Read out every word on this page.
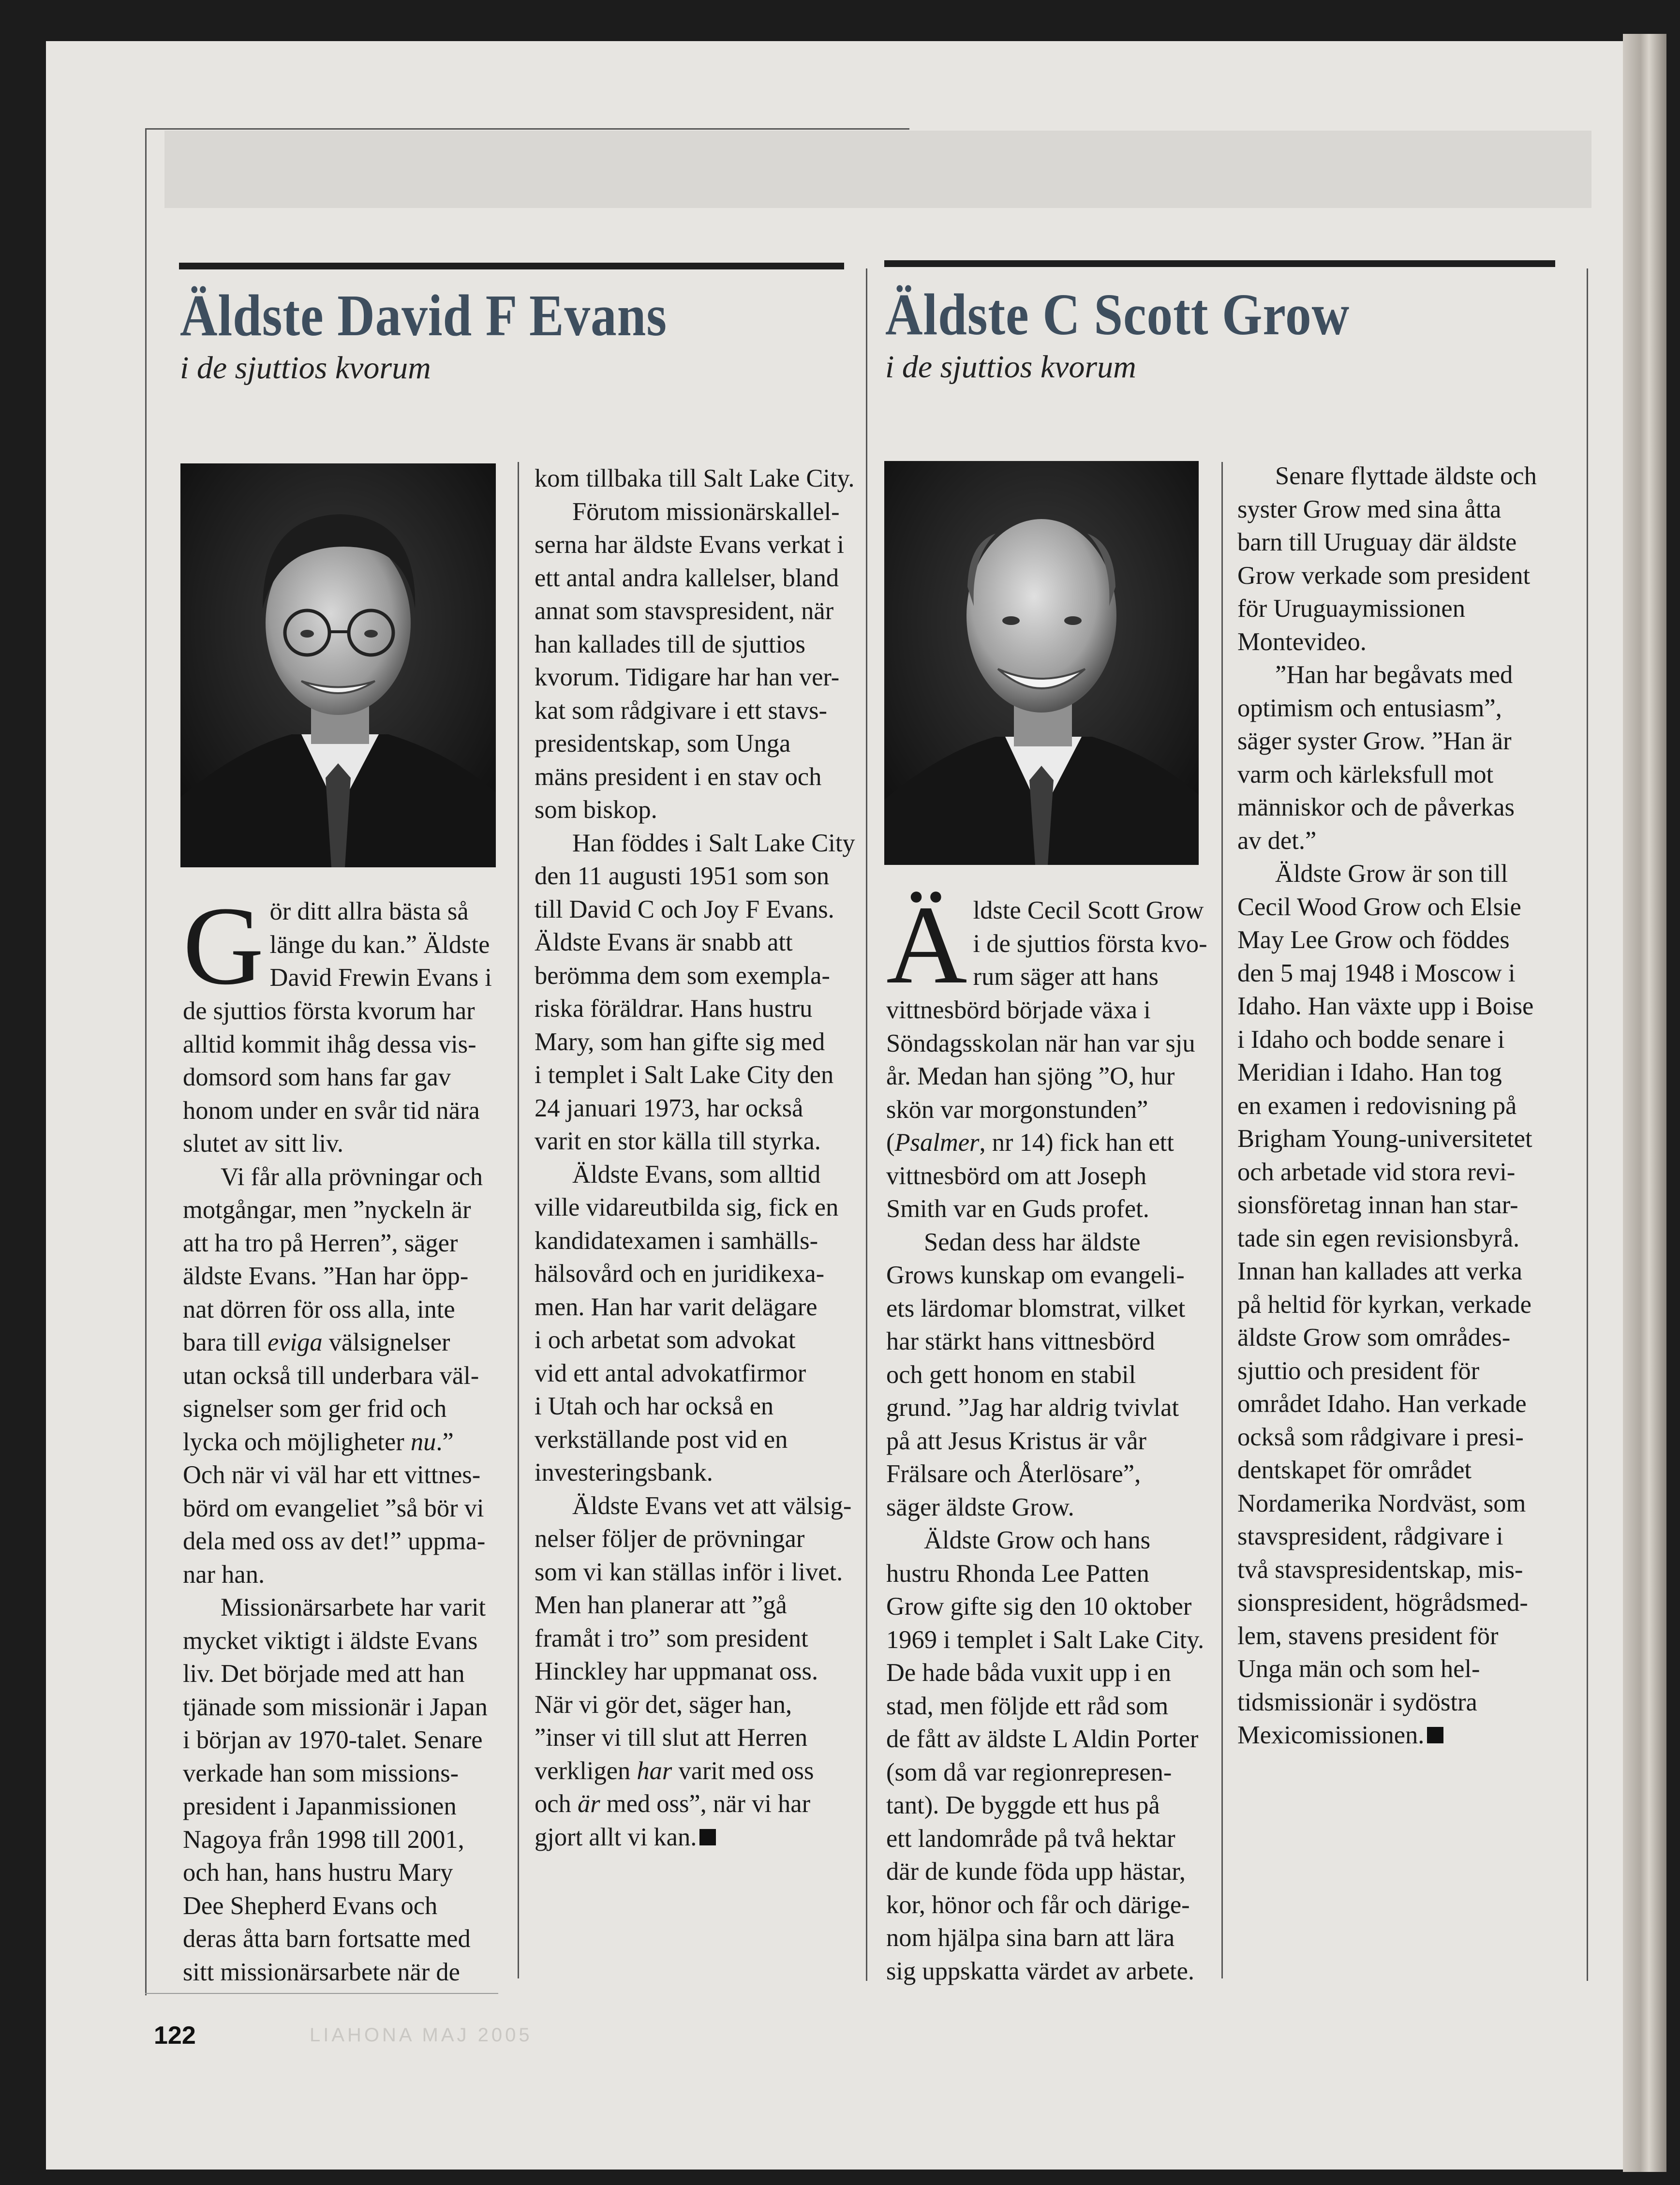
Äldste David F Evans
i de sjuttios kvorum
G ör ditt allra bästa så

länge du kan.” Äldste

David Frewin Evans i

de sjuttios första kvorum har

alltid kommit ihåg dessa vis-

domsord som hans far gav

honom under en svår tid nära

slutet av sitt liv.

Vi får alla prövningar och

motgångar, men ”nyckeln är

att ha tro på Herren”, säger

äldste Evans. ”Han har öpp-

nat dörren för oss alla, inte

bara till eviga välsignelser

utan också till underbara väl-

signelser som ger frid och

lycka och möjligheter nu.”

Och när vi väl har ett vittnes-

börd om evangeliet ”så bör vi

dela med oss av det!” uppma-

nar han.

Missionärsarbete har varit

mycket viktigt i äldste Evans

liv. Det började med att han

tjänade som missionär i Japan

i början av 1970-talet. Senare

verkade han som missions-

president i Japanmissionen

Nagoya från 1998 till 2001,

och han, hans hustru Mary

Dee Shepherd Evans och

deras åtta barn fortsatte med

sitt missionärsarbete när de

kom tillbaka till Salt Lake City.

Förutom missionärskallel-

serna har äldste Evans verkat i

ett antal andra kallelser, bland

annat som stavspresident, när

han kallades till de sjuttios

kvorum. Tidigare har han ver-

kat som rådgivare i ett stavs-

presidentskap, som Unga

mäns president i en stav och

som biskop.

Han föddes i Salt Lake City

den 11 augusti 1951 som son

till David C och Joy F Evans.

Äldste Evans är snabb att

berömma dem som exempla-

riska föräldrar. Hans hustru

Mary, som han gifte sig med

i templet i Salt Lake City den

24 januari 1973, har också

varit en stor källa till styrka.

Äldste Evans, som alltid

ville vidareutbilda sig, fick en

kandidatexamen i samhälls-

hälsovård och en juridikexa-

men. Han har varit delägare

i och arbetat som advokat

vid ett antal advokatfirmor

i Utah och har också en

verkställande post vid en

investeringsbank.

Äldste Evans vet att välsig-

nelser följer de prövningar

som vi kan ställas inför i livet.

Men han planerar att ”gå

framåt i tro” som president

Hinckley har uppmanat oss.

När vi gör det, säger han,

”inser vi till slut att Herren

verkligen har varit med oss

och är med oss”, när vi har

gjort allt vi kan.

Äldste C Scott Grow
i de sjuttios kvorum
Ä ldste Cecil Scott Grow

i de sjuttios första kvo-

rum säger att hans

vittnesbörd började växa i

Söndagsskolan när han var sju

år. Medan han sjöng ”O, hur

skön var morgonstunden”

(Psalmer, nr 14) fick han ett

vittnesbörd om att Joseph

Smith var en Guds profet.

Sedan dess har äldste

Grows kunskap om evangeli-

ets lärdomar blomstrat, vilket

har stärkt hans vittnesbörd

och gett honom en stabil

grund. ”Jag har aldrig tvivlat

på att Jesus Kristus är vår

Frälsare och Återlösare”,

säger äldste Grow.

Äldste Grow och hans

hustru Rhonda Lee Patten

Grow gifte sig den 10 oktober

1969 i templet i Salt Lake City.

De hade båda vuxit upp i en

stad, men följde ett råd som

de fått av äldste L Aldin Porter

(som då var regionrepresen-

tant). De byggde ett hus på

ett landområde på två hektar

där de kunde föda upp hästar,

kor, hönor och får och därige-

nom hjälpa sina barn att lära

sig uppskatta värdet av arbete.

Senare flyttade äldste och

syster Grow med sina åtta

barn till Uruguay där äldste

Grow verkade som president

för Uruguaymissionen

Montevideo.

”Han har begåvats med

optimism och entusiasm”,

säger syster Grow. ”Han är

varm och kärleksfull mot

människor och de påverkas

av det.”

Äldste Grow är son till

Cecil Wood Grow och Elsie

May Lee Grow och föddes

den 5 maj 1948 i Moscow i

Idaho. Han växte upp i Boise

i Idaho och bodde senare i

Meridian i Idaho. Han tog

en examen i redovisning på

Brigham Young-universitetet

och arbetade vid stora revi-

sionsföretag innan han star-

tade sin egen revisionsbyrå.

Innan han kallades att verka

på heltid för kyrkan, verkade

äldste Grow som områdes-

sjuttio och president för

området Idaho. Han verkade

också som rådgivare i presi-

dentskapet för området

Nordamerika Nordväst, som

stavspresident, rådgivare i

två stavspresidentskap, mis-

sionspresident, högrådsmed-

lem, stavens president för

Unga män och som hel-

tidsmissionär i sydöstra

Mexicomissionen.

122	LIAHONA MAJ 2005
